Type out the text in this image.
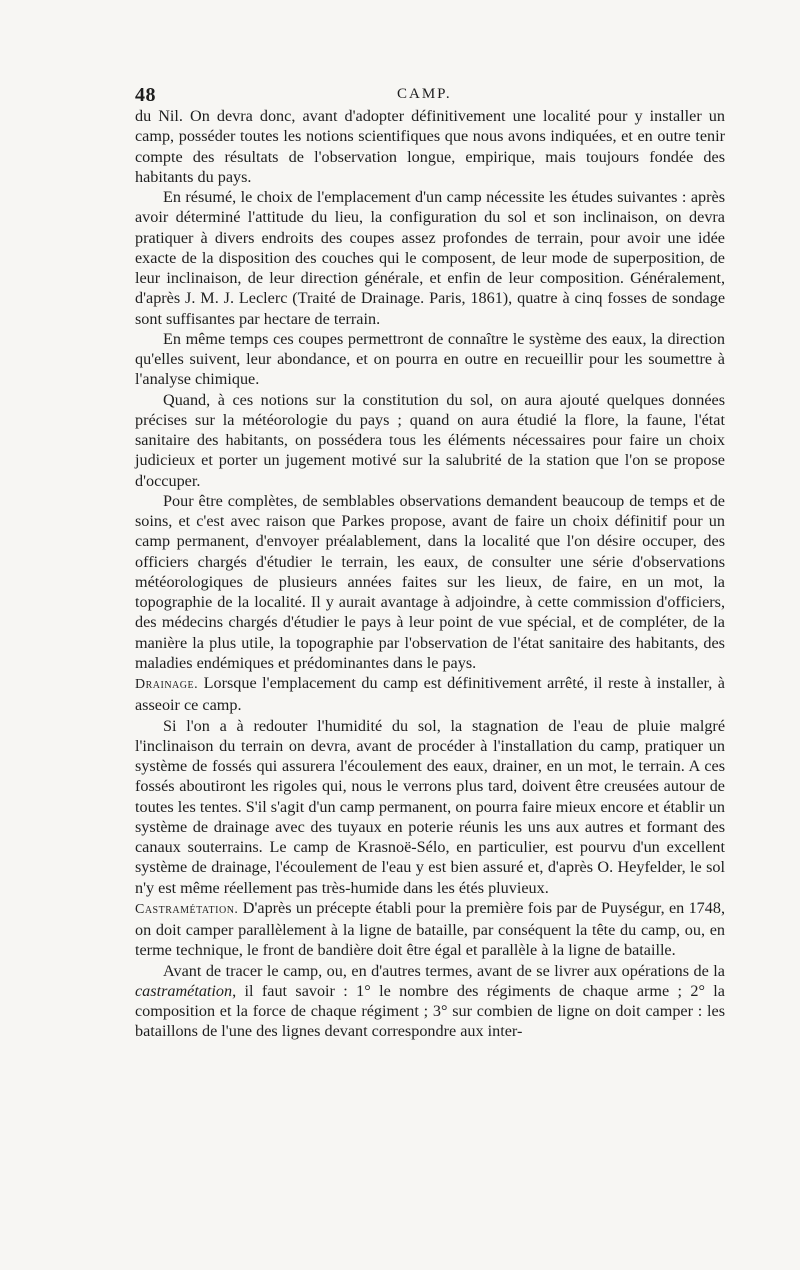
48	CAMP.

du Nil. On devra donc, avant d'adopter définitivement une localité pour y installer un camp, posséder toutes les notions scientifiques que nous avons indiquées, et en outre tenir compte des résultats de l'observation longue, empirique, mais toujours fondée des habitants du pays.

En résumé, le choix de l'emplacement d'un camp nécessite les études suivantes : après avoir déterminé l'attitude du lieu, la configuration du sol et son inclinaison, on devra pratiquer à divers endroits des coupes assez profondes de terrain, pour avoir une idée exacte de la disposition des couches qui le composent, de leur mode de superposition, de leur inclinaison, de leur direction générale, et enfin de leur composition. Généralement, d'après J. M. J. Leclerc (Traité de Drainage. Paris, 1861), quatre à cinq fosses de sondage sont suffisantes par hectare de terrain.

En même temps ces coupes permettront de connaître le système des eaux, la direction qu'elles suivent, leur abondance, et on pourra en outre en recueillir pour les soumettre à l'analyse chimique.

Quand, à ces notions sur la constitution du sol, on aura ajouté quelques données précises sur la météorologie du pays ; quand on aura étudié la flore, la faune, l'état sanitaire des habitants, on possédera tous les éléments nécessaires pour faire un choix judicieux et porter un jugement motivé sur la salubrité de la station que l'on se propose d'occuper.

Pour être complètes, de semblables observations demandent beaucoup de temps et de soins, et c'est avec raison que Parkes propose, avant de faire un choix définitif pour un camp permanent, d'envoyer préalablement, dans la localité que l'on désire occuper, des officiers chargés d'étudier le terrain, les eaux, de consulter une série d'observations météorologiques de plusieurs années faites sur les lieux, de faire, en un mot, la topographie de la localité. Il y aurait avantage à adjoindre, à cette commission d'officiers, des médecins chargés d'étudier le pays à leur point de vue spécial, et de compléter, de la manière la plus utile, la topographie par l'observation de l'état sanitaire des habitants, des maladies endémiques et prédominantes dans le pays.

Drainage. Lorsque l'emplacement du camp est définitivement arrêté, il reste à installer, à asseoir ce camp.

Si l'on a à redouter l'humidité du sol, la stagnation de l'eau de pluie malgré l'inclinaison du terrain on devra, avant de procéder à l'installation du camp, pratiquer un système de fossés qui assurera l'écoulement des eaux, drainer, en un mot, le terrain. A ces fossés aboutiront les rigoles qui, nous le verrons plus tard, doivent être creusées autour de toutes les tentes. S'il s'agit d'un camp permanent, on pourra faire mieux encore et établir un système de drainage avec des tuyaux en poterie réunis les uns aux autres et formant des canaux souterrains. Le camp de Krasnoë-Sélo, en particulier, est pourvu d'un excellent système de drainage, l'écoulement de l'eau y est bien assuré et, d'après O. Heyfelder, le sol n'y est même réellement pas très-humide dans les étés pluvieux.

Castramétation. D'après un précepte établi pour la première fois par de Puységur, en 1748, on doit camper parallèlement à la ligne de bataille, par conséquent la tête du camp, ou, en terme technique, le front de bandière doit être égal et parallèle à la ligne de bataille.

Avant de tracer le camp, ou, en d'autres termes, avant de se livrer aux opérations de la castramétation, il faut savoir : 1° le nombre des régiments de chaque arme ; 2° la composition et la force de chaque régiment ; 3° sur combien de ligne on doit camper : les bataillons de l'une des lignes devant correspondre aux inter-
